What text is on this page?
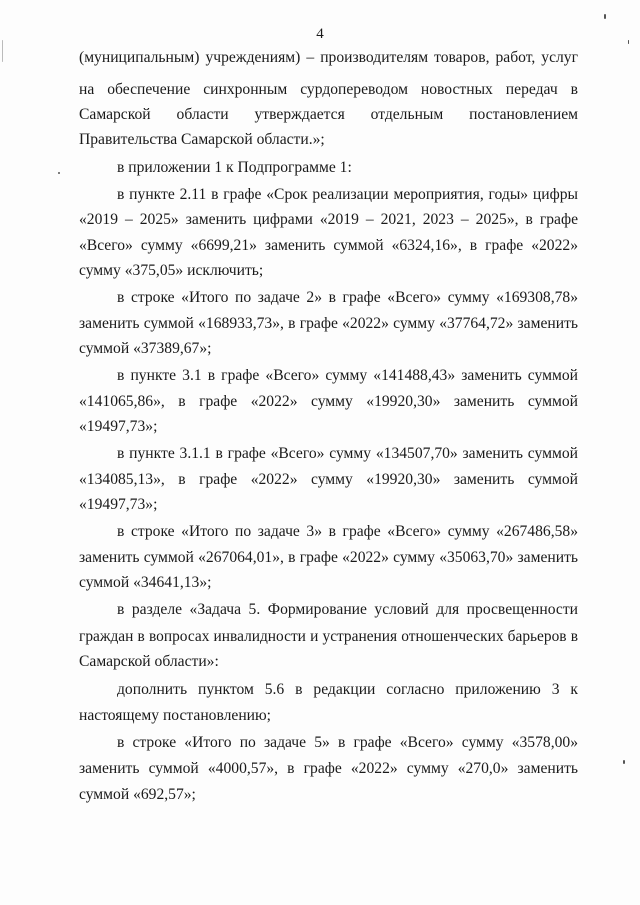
4
(муниципальным) учреждениям) – производителям товаров, работ, услуг
на обеспечение синхронным сурдопереводом новостных передач в
Самарской области утверждается отдельным постановлением
Правительства Самарской области.»;
в приложении 1 к Подпрограмме 1:
в пункте 2.11 в графе «Срок реализации мероприятия, годы» цифры
«2019 – 2025» заменить цифрами «2019 – 2021, 2023 – 2025», в графе
«Всего» сумму «6699,21» заменить суммой «6324,16», в графе «2022»
сумму «375,05» исключить;
в строке «Итого по задаче 2» в графе «Всего» сумму «169308,78»
заменить суммой «168933,73», в графе «2022» сумму «37764,72» заменить
суммой «37389,67»;
в пункте 3.1 в графе «Всего» сумму «141488,43» заменить суммой
«141065,86», в графе «2022» сумму «19920,30» заменить суммой
«19497,73»;
в пункте 3.1.1 в графе «Всего» сумму «134507,70» заменить суммой
«134085,13», в графе «2022» сумму «19920,30» заменить суммой
«19497,73»;
в строке «Итого по задаче 3» в графе «Всего» сумму «267486,58»
заменить суммой «267064,01», в графе «2022» сумму «35063,70» заменить
суммой «34641,13»;
в разделе «Задача 5. Формирование условий для просвещенности
граждан в вопросах инвалидности и устранения отношенческих барьеров в
Самарской области»:
дополнить пунктом 5.6 в редакции согласно приложению 3 к
настоящему постановлению;
в строке «Итого по задаче 5» в графе «Всего» сумму «3578,00»
заменить суммой «4000,57», в графе «2022» сумму «270,0» заменить
суммой «692,57»;
